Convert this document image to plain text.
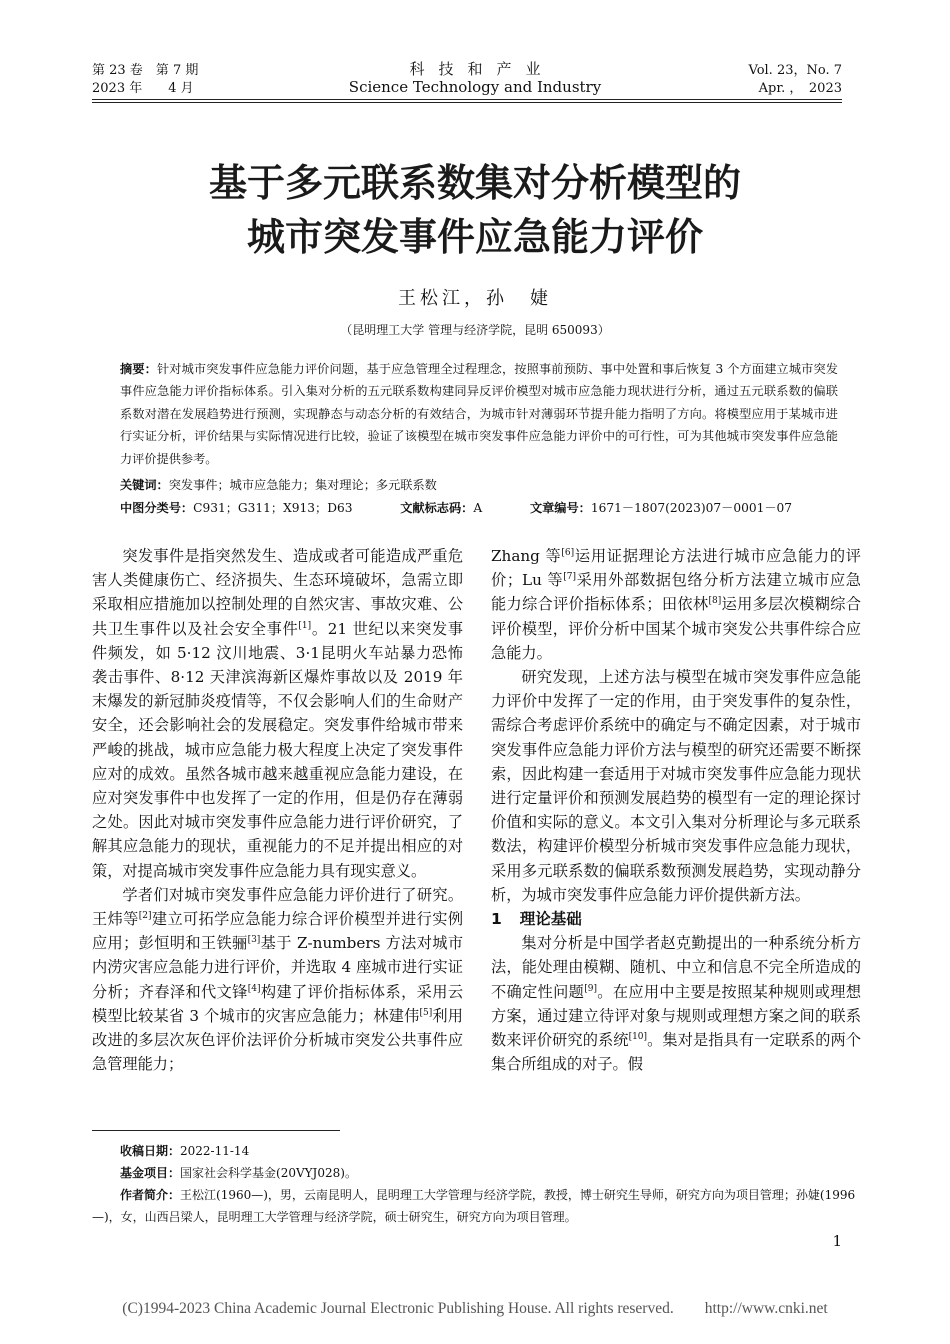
第 23 卷　第 7 期
2023 年　　4 月
科技和产业
Science Technology and Industry
Vol. 23，No. 7
Apr. ，　2023
基于多元联系数集对分析模型的
城市突发事件应急能力评价
王松江，孙　婕
（昆明理工大学 管理与经济学院，昆明 650093）
摘要：针对城市突发事件应急能力评价问题，基于应急管理全过程理念，按照事前预防、事中处置和事后恢复 3 个方面建立城市突发事件应急能力评价指标体系。引入集对分析的五元联系数构建同异反评价模型对城市应急能力现状进行分析，通过五元联系数的偏联系数对潜在发展趋势进行预测，实现静态与动态分析的有效结合，为城市针对薄弱环节提升能力指明了方向。将模型应用于某城市进行实证分析，评价结果与实际情况进行比较，验证了该模型在城市突发事件应急能力评价中的可行性，可为其他城市突发事件应急能力评价提供参考。
关键词：突发事件；城市应急能力；集对理论；多元联系数
中图分类号：C931；G311；X913；D63	文献标志码：A	文章编号：1671－1807(2023)07－0001－07

突发事件是指突然发生、造成或者可能造成严重危害人类健康伤亡、经济损失、生态环境破坏，急需立即采取相应措施加以控制处理的自然灾害、事故灾难、公共卫生事件以及社会安全事件[1]。21 世纪以来突发事件频发，如 5·12 汶川地震、3·1昆明火车站暴力恐怖袭击事件、8·12 天津滨海新区爆炸事故以及 2019 年末爆发的新冠肺炎疫情等，不仅会影响人们的生命财产安全，还会影响社会的发展稳定。突发事件给城市带来严峻的挑战，城市应急能力极大程度上决定了突发事件应对的成效。虽然各城市越来越重视应急能力建设，在应对突发事件中也发挥了一定的作用，但是仍存在薄弱之处。因此对城市突发事件应急能力进行评价研究，了解其应急能力的现状，重视能力的不足并提出相应的对策，对提高城市突发事件应急能力具有现实意义。

学者们对城市突发事件应急能力评价进行了研究。王炜等[2]建立可拓学应急能力综合评价模型并进行实例应用；彭恒明和王铁骊[3]基于 Z-numbers 方法对城市内涝灾害应急能力进行评价，并选取 4 座城市进行实证分析；齐春泽和代文锋[4]构建了评价指标体系，采用云模型比较某省 3 个城市的灾害应急能力；林建伟[5]利用改进的多层次灰色评价法评价分析城市突发公共事件应急管理能力；

Zhang 等[6]运用证据理论方法进行城市应急能力的评价；Lu 等[7]采用外部数据包络分析方法建立城市应急能力综合评价指标体系；田依林[8]运用多层次模糊综合评价模型，评价分析中国某个城市突发公共事件综合应急能力。

研究发现，上述方法与模型在城市突发事件应急能力评价中发挥了一定的作用，由于突发事件的复杂性，需综合考虑评价系统中的确定与不确定因素，对于城市突发事件应急能力评价方法与模型的研究还需要不断探索，因此构建一套适用于对城市突发事件应急能力现状进行定量评价和预测发展趋势的模型有一定的理论探讨价值和实际的意义。本文引入集对分析理论与多元联系数法，构建评价模型分析城市突发事件应急能力现状，采用多元联系数的偏联系数预测发展趋势，实现动静分析，为城市突发事件应急能力评价提供新方法。

1 理论基础

集对分析是中国学者赵克勤提出的一种系统分析方法，能处理由模糊、随机、中立和信息不完全所造成的不确定性问题[9]。在应用中主要是按照某种规则或理想方案，通过建立待评对象与规则或理想方案之间的联系数来评价研究的系统[10]。集对是指具有一定联系的两个集合所组成的对子。假

收稿日期：2022-11-14
基金项目：国家社会科学基金(20VYJ028)。
作者简介：王松江(1960—)，男，云南昆明人，昆明理工大学管理与经济学院，教授，博士研究生导师，研究方向为项目管理；孙婕(1996—)，女，山西吕梁人，昆明理工大学管理与经济学院，硕士研究生，研究方向为项目管理。
1
(C)1994-2023 China Academic Journal Electronic Publishing House. All rights reserved.　　http://www.cnki.net
